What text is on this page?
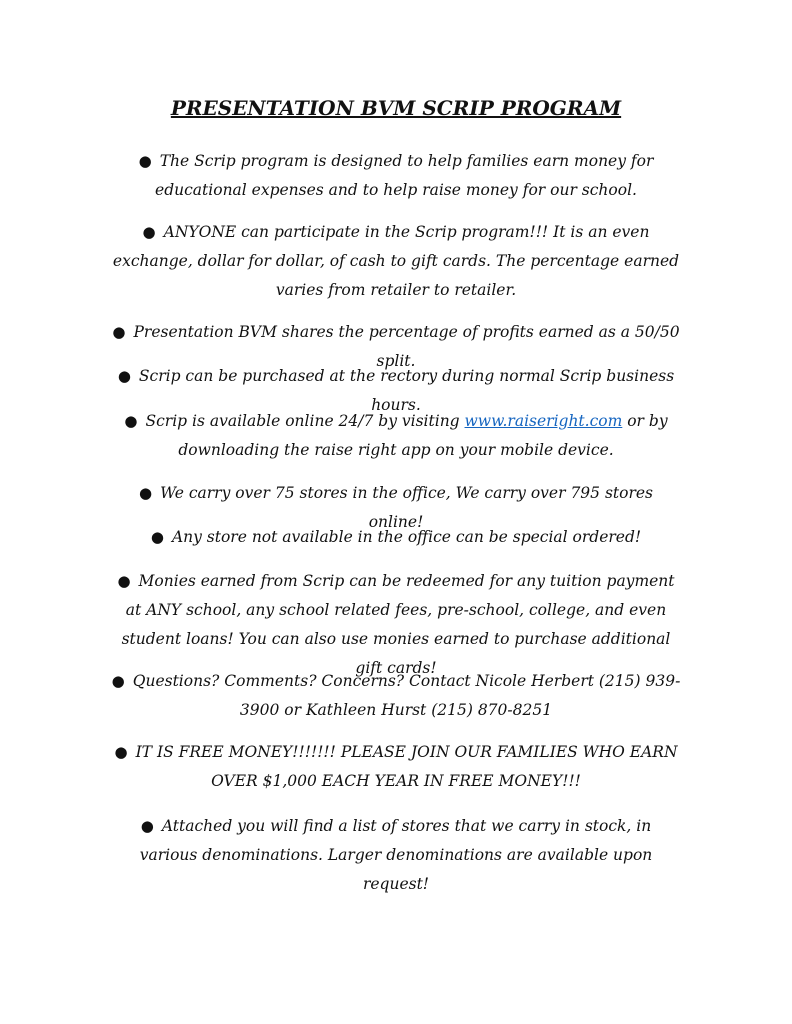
PRESENTATION BVM SCRIP PROGRAM
● The Scrip program is designed to help families earn money for educational expenses and to help raise money for our school.
● ANYONE can participate in the Scrip program!!! It is an even exchange, dollar for dollar, of cash to gift cards. The percentage earned varies from retailer to retailer.
● Presentation BVM shares the percentage of profits earned as a 50/50 split.
● Scrip can be purchased at the rectory during normal Scrip business hours.
● Scrip is available online 24/7 by visiting www.raiseright.com or by downloading the raise right app on your mobile device.
● We carry over 75 stores in the office, We carry over 795 stores online!
● Any store not available in the office can be special ordered!
● Monies earned from Scrip can be redeemed for any tuition payment at ANY school, any school related fees, pre-school, college, and even student loans! You can also use monies earned to purchase additional gift cards!
● Questions? Comments? Concerns? Contact Nicole Herbert (215) 939-3900 or Kathleen Hurst (215) 870-8251
● IT IS FREE MONEY!!!!!!! PLEASE JOIN OUR FAMILIES WHO EARN OVER $1,000 EACH YEAR IN FREE MONEY!!!
● Attached you will find a list of stores that we carry in stock, in various denominations. Larger denominations are available upon request!
